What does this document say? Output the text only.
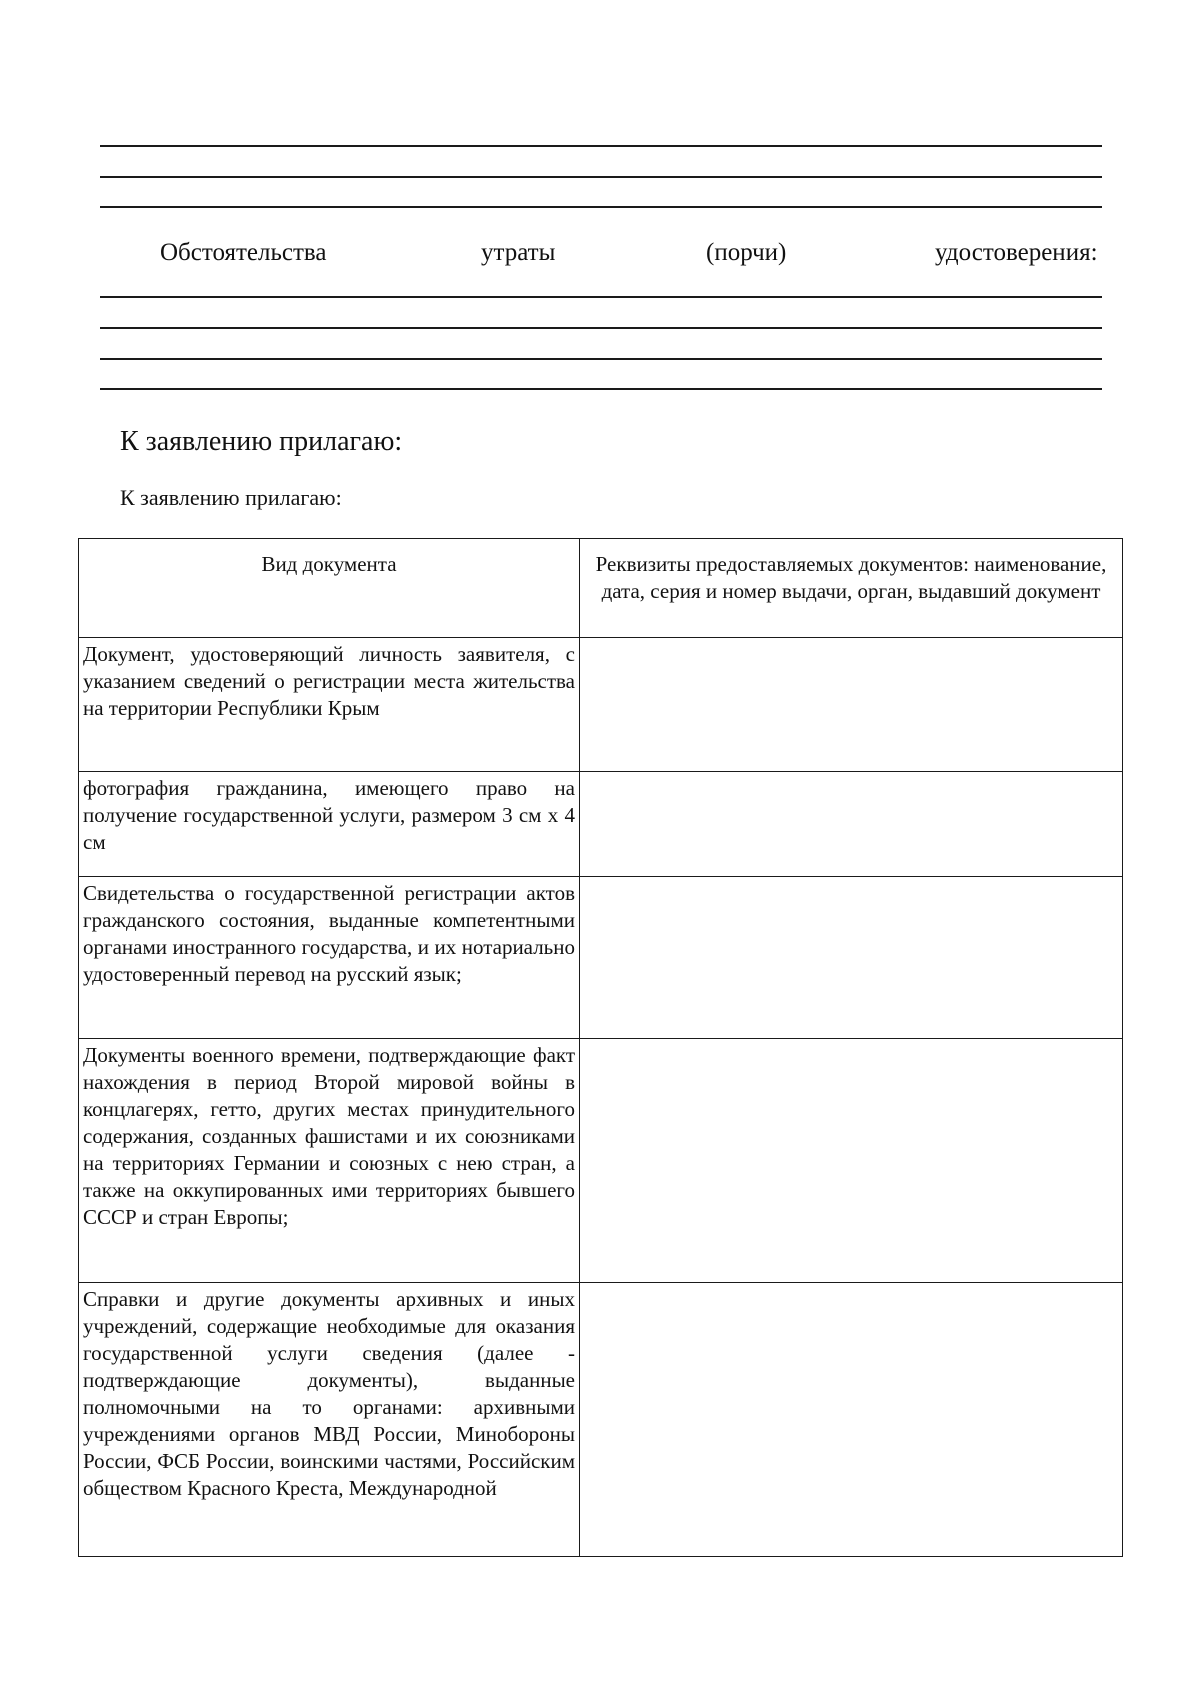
Обстоятельства	утраты	(порчи)	удостоверения:
К заявлению прилагаю:
К заявлению прилагаю:
Вид документа	Реквизиты предоставляемых документов: наименование, дата, серия и номер выдачи, орган, выдавший документ
Документ, удостоверяющий личность заявителя, с указанием сведений о регистрации места жительства на территории Республики Крым	
фотография гражданина, имеющего право на получение государственной услуги, размером 3 см х 4 см	
Свидетельства о государственной регистрации актов гражданского состояния, выданные компетентными органами иностранного государства, и их нотариально удостоверенный перевод на русский язык;	
Документы военного времени, подтверждающие факт нахождения в период Второй мировой войны в концлагерях, гетто, других местах принудительного содержания, созданных фашистами и их союзниками на территориях Германии и союзных с нею стран, а также на оккупированных ими территориях бывшего СССР и стран Европы;	
Справки и другие документы архивных и иных учреждений, содержащие необходимые для оказания государственной услуги сведения (далее - подтверждающие документы), выданные полномочными на то органами: архивными учреждениями органов МВД России, Минобороны России, ФСБ России, воинскими частями, Российским обществом Красного Креста, Международной	
